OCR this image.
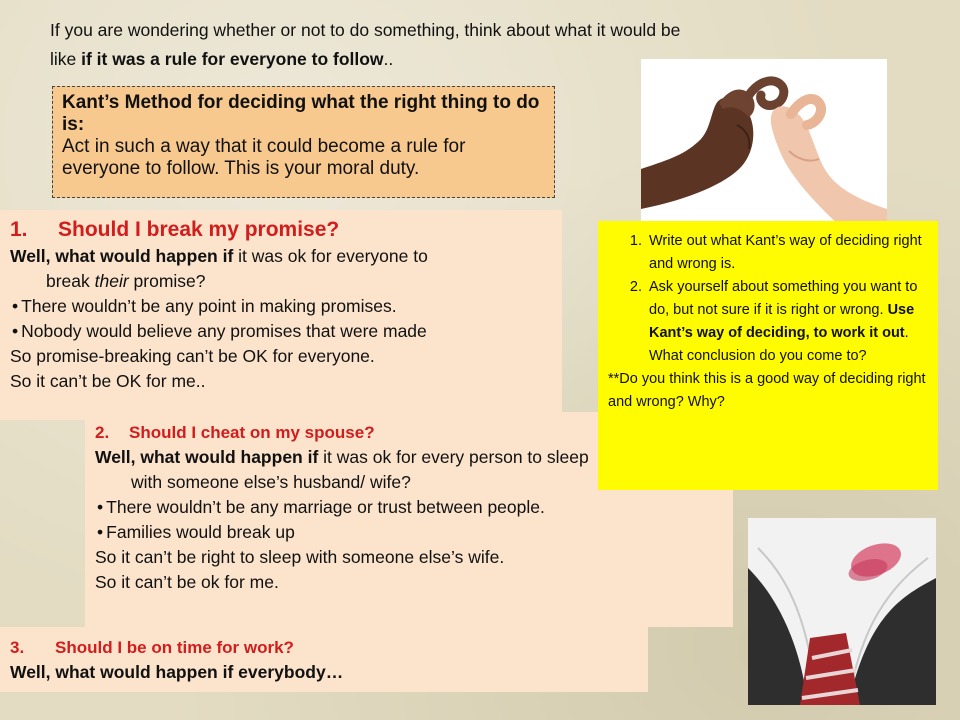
If you are wondering whether or not to do something, think about what it would be
like if it was a rule for everyone to follow..
Kant’s Method for deciding what the right thing to do is:
Act in such a way that it could become a rule for everyone to follow. This is your moral duty.
1. Should I break my promise?
Well, what would happen if it was ok for everyone to
break their promise?
• There wouldn’t be any point in making promises.
• Nobody would believe any promises that were made
So promise-breaking can’t be OK for everyone.
So it can’t be OK for me..
2. Should I cheat on my spouse?
Well, what would happen if it was ok for every person to sleep
with someone else’s husband/ wife?
• There wouldn’t be any marriage or trust between people.
• Families would break up
So it can’t be right to sleep with someone else’s wife.
So it can’t be ok for me.
3. Should I be on time for work?
Well, what would happen if everybody…
1. Write out what Kant’s way of deciding right and wrong is.
2. Ask yourself about something you want to do, but not sure if it is right or wrong. Use Kant’s way of deciding, to work it out. What conclusion do you come to?
**Do you think this is a good way of deciding right and wrong? Why?
